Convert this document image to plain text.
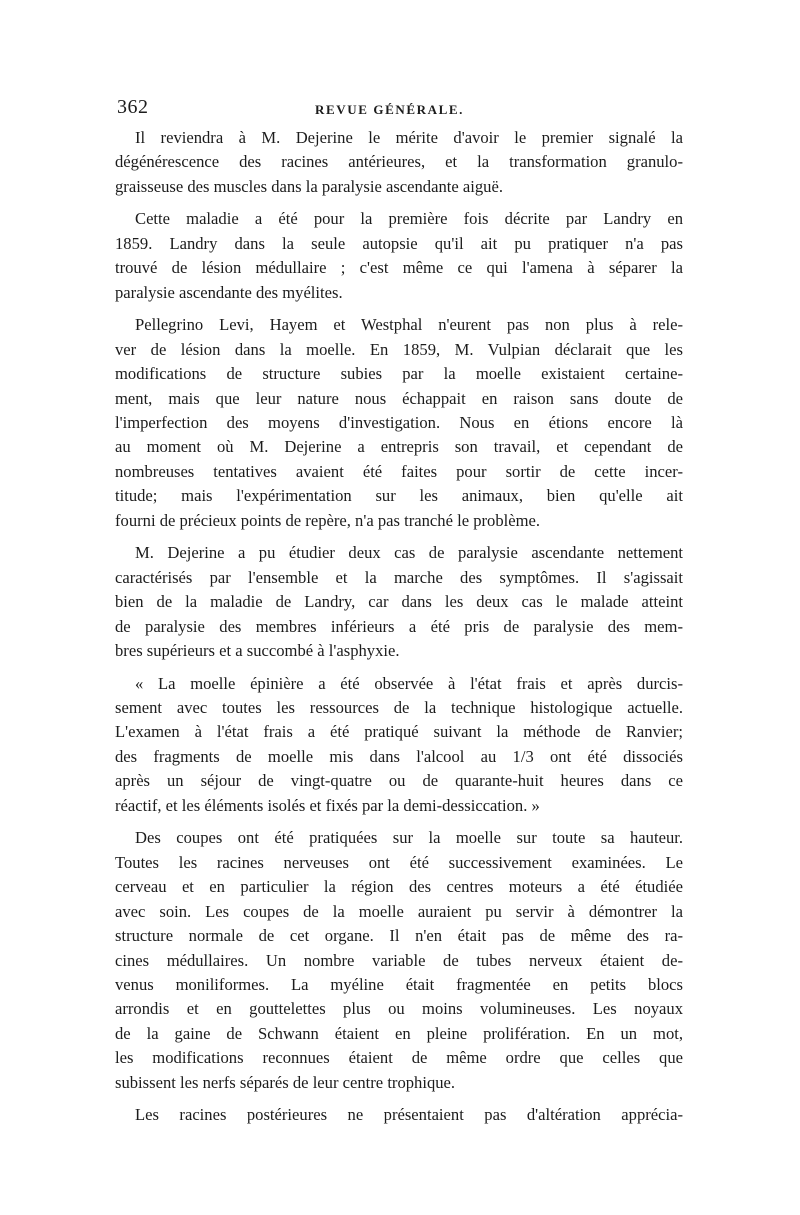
362	REVUE GÉNÉRALE.
Il reviendra à M. Dejerine le mérite d'avoir le premier signalé la
dégénérescence des racines antérieures, et la transformation granulo-
graisseuse des muscles dans la paralysie ascendante aiguë.
Cette maladie a été pour la première fois décrite par Landry en
1859. Landry dans la seule autopsie qu'il ait pu pratiquer n'a pas
trouvé de lésion médullaire ; c'est même ce qui l'amena à séparer la
paralysie ascendante des myélites.
Pellegrino Levi, Hayem et Westphal n'eurent pas non plus à rele-
ver de lésion dans la moelle. En 1859, M. Vulpian déclarait que les
modifications de structure subies par la moelle existaient certaine-
ment, mais que leur nature nous échappait en raison sans doute de
l'imperfection des moyens d'investigation. Nous en étions encore là
au moment où M. Dejerine a entrepris son travail, et cependant de
nombreuses tentatives avaient été faites pour sortir de cette incer-
titude; mais l'expérimentation sur les animaux, bien qu'elle ait
fourni de précieux points de repère, n'a pas tranché le problème.
M. Dejerine a pu étudier deux cas de paralysie ascendante nettement
caractérisés par l'ensemble et la marche des symptômes. Il s'agissait
bien de la maladie de Landry, car dans les deux cas le malade atteint
de paralysie des membres inférieurs a été pris de paralysie des mem-
bres supérieurs et a succombé à l'asphyxie.
« La moelle épinière a été observée à l'état frais et après durcis-
sement avec toutes les ressources de la technique histologique actuelle.
L'examen à l'état frais a été pratiqué suivant la méthode de Ranvier;
des fragments de moelle mis dans l'alcool au 1/3 ont été dissociés
après un séjour de vingt-quatre ou de quarante-huit heures dans ce
réactif, et les éléments isolés et fixés par la demi-dessiccation. »
Des coupes ont été pratiquées sur la moelle sur toute sa hauteur.
Toutes les racines nerveuses ont été successivement examinées. Le
cerveau et en particulier la région des centres moteurs a été étudiée
avec soin. Les coupes de la moelle auraient pu servir à démontrer la
structure normale de cet organe. Il n'en était pas de même des ra-
cines médullaires. Un nombre variable de tubes nerveux étaient de-
venus moniliformes. La myéline était fragmentée en petits blocs
arrondis et en gouttelettes plus ou moins volumineuses. Les noyaux
de la gaine de Schwann étaient en pleine prolifération. En un mot,
les modifications reconnues étaient de même ordre que celles que
subissent les nerfs séparés de leur centre trophique.
Les racines postérieures ne présentaient pas d'altération apprécia-
